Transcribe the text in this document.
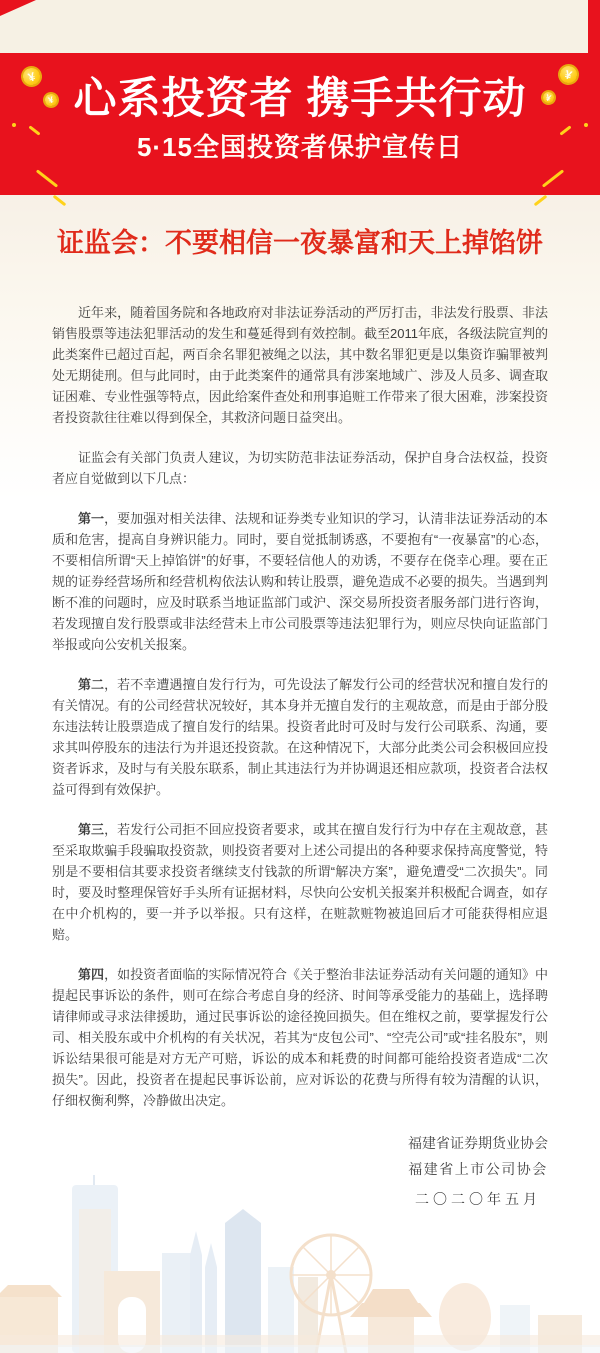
¥
¥
¥
¥
心系投资者 携手共行动
5·15全国投资者保护宣传日
证监会：不要相信一夜暴富和天上掉馅饼

近年来，随着国务院和各地政府对非法证券活动的严厉打击，非法发行股票、非法销售股票等违法犯罪活动的发生和蔓延得到有效控制。截至2011年底，各级法院宣判的此类案件已超过百起，两百余名罪犯被绳之以法，其中数名罪犯更是以集资诈骗罪被判处无期徒刑。但与此同时，由于此类案件的通常具有涉案地域广、涉及人员多、调查取证困难、专业性强等特点，因此给案件查处和刑事追赃工作带来了很大困难，涉案投资者投资款往往难以得到保全，其救济问题日益突出。

证监会有关部门负责人建议，为切实防范非法证券活动，保护自身合法权益，投资者应自觉做到以下几点：

第一，要加强对相关法律、法规和证券类专业知识的学习，认清非法证券活动的本质和危害，提高自身辨识能力。同时，要自觉抵制诱惑，不要抱有“一夜暴富”的心态，不要相信所谓“天上掉馅饼”的好事，不要轻信他人的劝诱，不要存在侥幸心理。要在正规的证券经营场所和经营机构依法认购和转让股票，避免造成不必要的损失。当遇到判断不准的问题时，应及时联系当地证监部门或沪、深交易所投资者服务部门进行咨询，若发现擅自发行股票或非法经营未上市公司股票等违法犯罪行为，则应尽快向证监部门举报或向公安机关报案。

第二，若不幸遭遇擅自发行行为，可先设法了解发行公司的经营状况和擅自发行的有关情况。有的公司经营状况较好，其本身并无擅自发行的主观故意，而是由于部分股东违法转让股票造成了擅自发行的结果。投资者此时可及时与发行公司联系、沟通，要求其叫停股东的违法行为并退还投资款。在这种情况下，大部分此类公司会积极回应投资者诉求，及时与有关股东联系，制止其违法行为并协调退还相应款项，投资者合法权益可得到有效保护。

第三，若发行公司拒不回应投资者要求，或其在擅自发行行为中存在主观故意，甚至采取欺骗手段骗取投资款，则投资者要对上述公司提出的各种要求保持高度警觉，特别是不要相信其要求投资者继续支付钱款的所谓“解决方案”，避免遭受“二次损失”。同时，要及时整理保管好手头所有证据材料，尽快向公安机关报案并积极配合调查，如存在中介机构的，要一并予以举报。只有这样，在赃款赃物被追回后才可能获得相应退赔。

第四，如投资者面临的实际情况符合《关于整治非法证券活动有关问题的通知》中提起民事诉讼的条件，则可在综合考虑自身的经济、时间等承受能力的基础上，选择聘请律师或寻求法律援助，通过民事诉讼的途径挽回损失。但在维权之前，要掌握发行公司、相关股东或中介机构的有关状况，若其为“皮包公司”、“空壳公司”或“挂名股东”，则诉讼结果很可能是对方无产可赔，诉讼的成本和耗费的时间都可能给投资者造成“二次损失”。因此，投资者在提起民事诉讼前，应对诉讼的花费与所得有较为清醒的认识，仔细权衡利弊，冷静做出决定。

福建省证券期货业协会
福建省上市公司协会
二〇二〇年五月
